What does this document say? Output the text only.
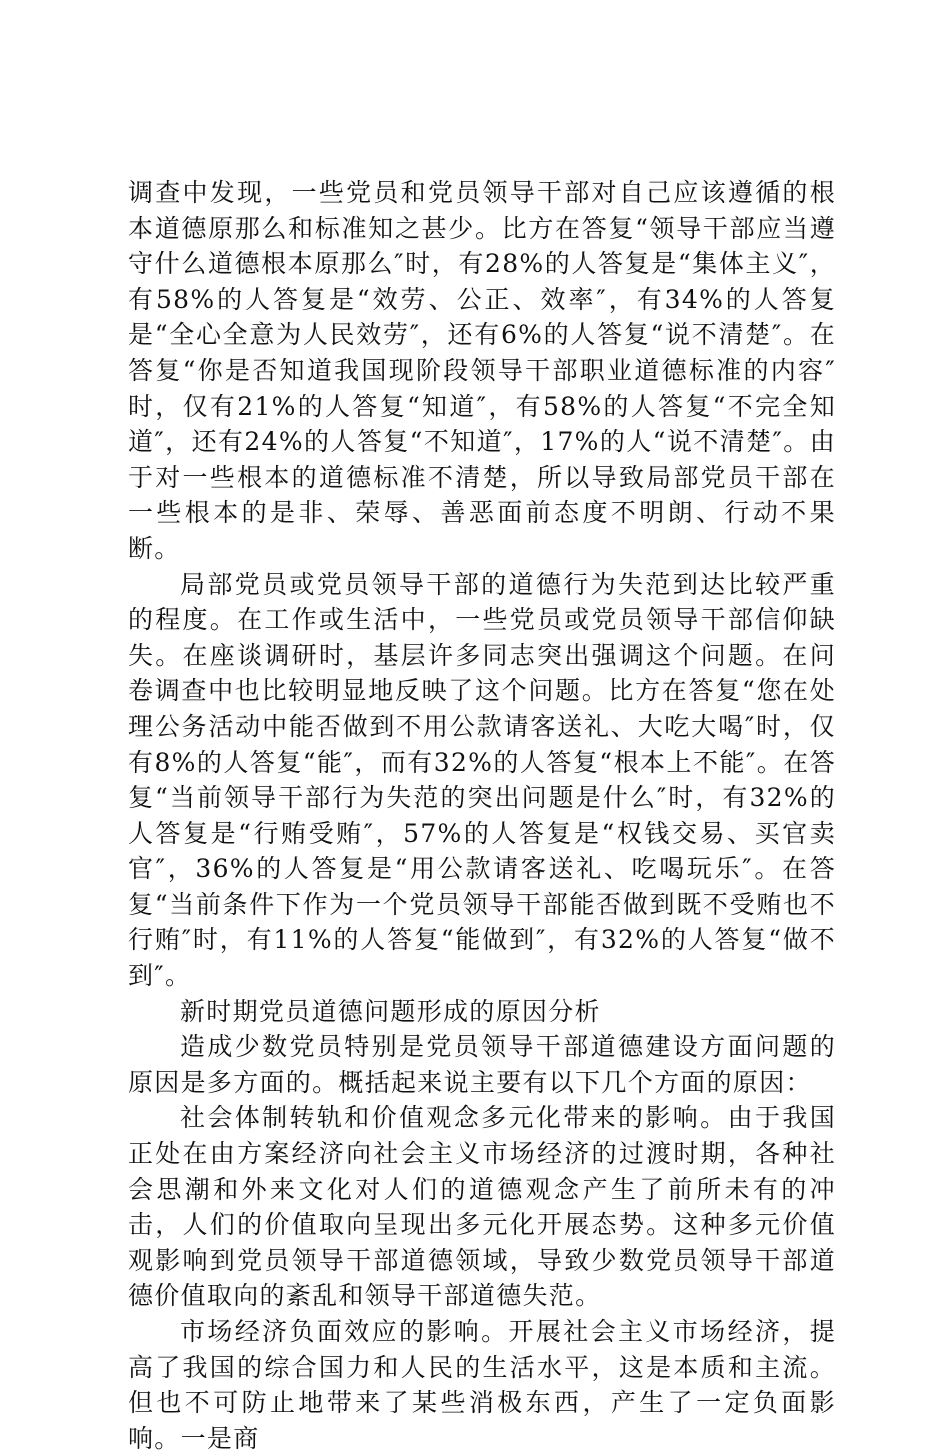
调查中发现，一些党员和党员领导干部对自己应该遵循的根本道德原那么和标准知之甚少。比方在答复“领导干部应当遵守什么道德根本原那么″时，有28%的人答复是“集体主义″，有58%的人答复是“效劳、公正、效率″，有34%的人答复是“全心全意为人民效劳″，还有6%的人答复“说不清楚″。在答复“你是否知道我国现阶段领导干部职业道德标准的内容″时，仅有21%的人答复“知道″，有58%的人答复“不完全知道″，还有24%的人答复“不知道″，17%的人“说不清楚″。由于对一些根本的道德标准不清楚，所以导致局部党员干部在一些根本的是非、荣辱、善恶面前态度不明朗、行动不果断。

局部党员或党员领导干部的道德行为失范到达比较严重的程度。在工作或生活中，一些党员或党员领导干部信仰缺失。在座谈调研时，基层许多同志突出强调这个问题。在问卷调查中也比较明显地反映了这个问题。比方在答复“您在处理公务活动中能否做到不用公款请客送礼、大吃大喝″时，仅有8%的人答复“能″，而有32%的人答复“根本上不能″。在答复“当前领导干部行为失范的突出问题是什么″时，有32%的人答复是“行贿受贿″，57%的人答复是“权钱交易、买官卖官″，36%的人答复是“用公款请客送礼、吃喝玩乐″。在答复“当前条件下作为一个党员领导干部能否做到既不受贿也不行贿″时，有11%的人答复“能做到″，有32%的人答复“做不到″。

新时期党员道德问题形成的原因分析

造成少数党员特别是党员领导干部道德建设方面问题的原因是多方面的。概括起来说主要有以下几个方面的原因：

社会体制转轨和价值观念多元化带来的影响。由于我国正处在由方案经济向社会主义市场经济的过渡时期，各种社会思潮和外来文化对人们的道德观念产生了前所未有的冲击，人们的价值取向呈现出多元化开展态势。这种多元价值观影响到党员领导干部道德领域，导致少数党员领导干部道德价值取向的紊乱和领导干部道德失范。

市场经济负面效应的影响。开展社会主义市场经济，提高了我国的综合国力和人民的生活水平，这是本质和主流。但也不可防止地带来了某些消极东西，产生了一定负面影响。一是商
